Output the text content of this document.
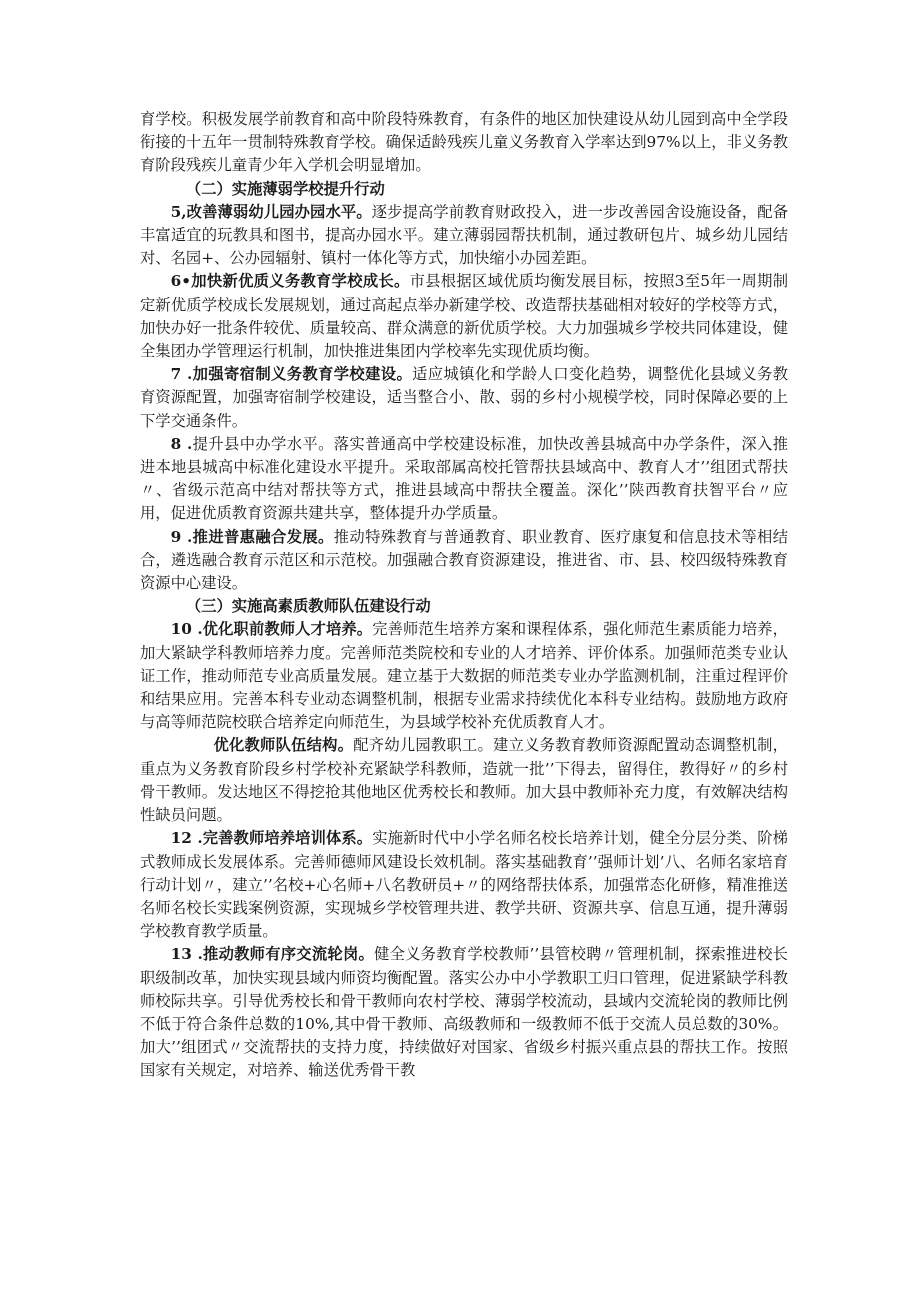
育学校。积极发展学前教育和高中阶段特殊教育，有条件的地区加快建设从幼儿园到高中全学段衔接的十五年一贯制特殊教育学校。确保适龄残疾儿童义务教育入学率达到97%以上，非义务教育阶段残疾儿童青少年入学机会明显增加。

（二）实施薄弱学校提升行动

5,改善薄弱幼儿园办园水平。逐步提高学前教育财政投入，进一步改善园舍设施设备，配备丰富适宜的玩教具和图书，提高办园水平。建立薄弱园帮扶机制，通过教研包片、城乡幼儿园结对、名园+、公办园辐射、镇村一体化等方式，加快缩小办园差距。

6•加快新优质义务教育学校成长。市县根据区域优质均衡发展目标，按照3至5年一周期制定新优质学校成长发展规划，通过高起点举办新建学校、改造帮扶基础相对较好的学校等方式，加快办好一批条件较优、质量较高、群众满意的新优质学校。大力加强城乡学校共同体建设，健全集团办学管理运行机制，加快推进集团内学校率先实现优质均衡。

7 .加强寄宿制义务教育学校建设。适应城镇化和学龄人口变化趋势，调整优化县域义务教育资源配置，加强寄宿制学校建设，适当整合小、散、弱的乡村小规模学校，同时保障必要的上下学交通条件。

8 .提升县中办学水平。落实普通高中学校建设标准，加快改善县城高中办学条件，深入推进本地县城高中标准化建设水平提升。采取部属高校托管帮扶县域高中、教育人才’’组团式帮扶〃、省级示范高中结对帮扶等方式，推进县域高中帮扶全覆盖。深化’’陕西教育扶智平台〃应用，促进优质教育资源共建共享，整体提升办学质量。

9 .推进普惠融合发展。推动特殊教育与普通教育、职业教育、医疗康复和信息技术等相结合，遴选融合教育示范区和示范校。加强融合教育资源建设，推进省、市、县、校四级特殊教育资源中心建设。

（三）实施高素质教师队伍建设行动

10 .优化职前教师人才培养。完善师范生培养方案和课程体系，强化师范生素质能力培养，加大紧缺学科教师培养力度。完善师范类院校和专业的人才培养、评价体系。加强师范类专业认证工作，推动师范专业高质量发展。建立基于大数据的师范类专业办学监测机制，注重过程评价和结果应用。完善本科专业动态调整机制，根据专业需求持续优化本科专业结构。鼓励地方政府与高等师范院校联合培养定向师范生，为县域学校补充优质教育人才。

优化教师队伍结构。配齐幼儿园教职工。建立义务教育教师资源配置动态调整机制，重点为义务教育阶段乡村学校补充紧缺学科教师，造就一批’’下得去，留得住，教得好〃的乡村骨干教师。发达地区不得挖抢其他地区优秀校长和教师。加大县中教师补充力度，有效解决结构性缺员问题。

12 .完善教师培养培训体系。实施新时代中小学名师名校长培养计划，健全分层分类、阶梯式教师成长发展体系。完善师德师风建设长效机制。落实基础教育’’强师计划’八、名师名家培育行动计划〃，建立’’名校+心名师+八名教研员+〃的网络帮扶体系，加强常态化研修，精准推送名师名校长实践案例资源，实现城乡学校管理共进、教学共研、资源共享、信息互通，提升薄弱学校教育教学质量。

13 .推动教师有序交流轮岗。健全义务教育学校教师’’县管校聘〃管理机制，探索推进校长职级制改革，加快实现县域内师资均衡配置。落实公办中小学教职工归口管理，促进紧缺学科教师校际共享。引导优秀校长和骨干教师向农村学校、薄弱学校流动，县域内交流轮岗的教师比例不低于符合条件总数的10%,其中骨干教师、高级教师和一级教师不低于交流人员总数的30%。加大’’组团式〃交流帮扶的支持力度，持续做好对国家、省级乡村振兴重点县的帮扶工作。按照国家有关规定，对培养、输送优秀骨干教
